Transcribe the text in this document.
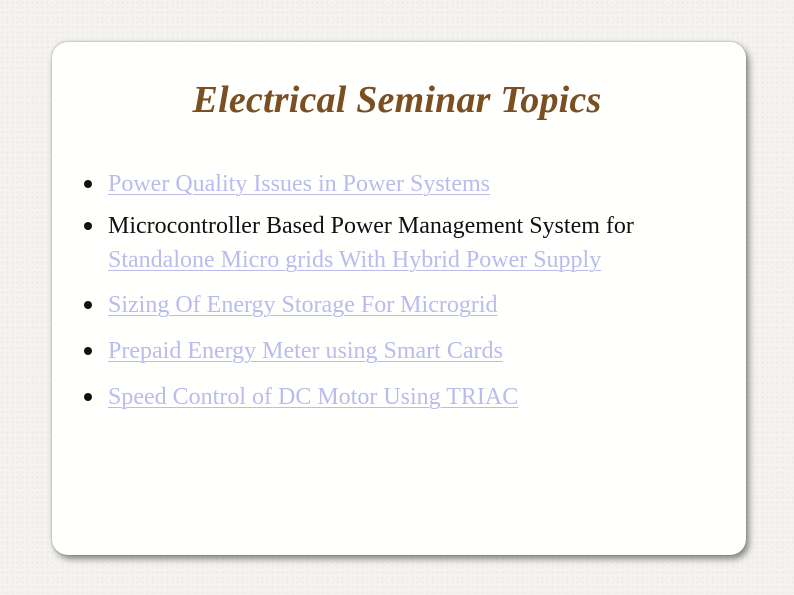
Electrical Seminar Topics
Power Quality Issues in Power Systems
Microcontroller Based Power Management System for
Standalone Micro grids With Hybrid Power Supply
Sizing Of Energy Storage For Microgrid
Prepaid Energy Meter using Smart Cards
Speed Control of DC Motor Using TRIAC
